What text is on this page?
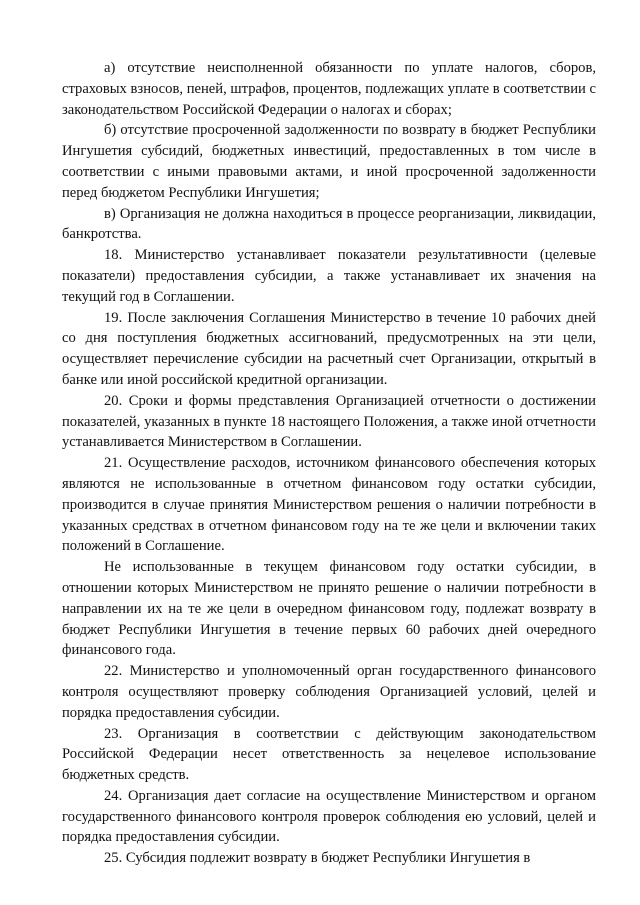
а) отсутствие неисполненной обязанности по уплате налогов, сборов, страховых взносов, пеней, штрафов, процентов, подлежащих уплате в соответствии с законодательством Российской Федерации о налогах и сборах;

б) отсутствие просроченной задолженности по возврату в бюджет Республики Ингушетия субсидий, бюджетных инвестиций, предоставленных в том числе в соответствии с иными правовыми актами, и иной просроченной задолженности перед бюджетом Республики Ингушетия;

в) Организация не должна находиться в процессе реорганизации, ликвидации, банкротства.

18. Министерство устанавливает показатели результативности (целевые показатели) предоставления субсидии, а также устанавливает их значения на текущий год в Соглашении.

19. После заключения Соглашения Министерство в течение 10 рабочих дней со дня поступления бюджетных ассигнований, предусмотренных на эти цели, осуществляет перечисление субсидии на расчетный счет Организации, открытый в банке или иной российской кредитной организации.

20. Сроки и формы представления Организацией отчетности о достижении показателей, указанных в пункте 18 настоящего Положения, а также иной отчетности устанавливается Министерством в Соглашении.

21. Осуществление расходов, источником финансового обеспечения которых являются не использованные в отчетном финансовом году остатки субсидии, производится в случае принятия Министерством решения о наличии потребности в указанных средствах в отчетном финансовом году на те же цели и включении таких положений в Соглашение.

Не использованные в текущем финансовом году остатки субсидии, в отношении которых Министерством не принято решение о наличии потребности в направлении их на те же цели в очередном финансовом году, подлежат возврату в бюджет Республики Ингушетия в течение первых 60 рабочих дней очередного финансового года.

22. Министерство и уполномоченный орган государственного финансового контроля осуществляют проверку соблюдения Организацией условий, целей и порядка предоставления субсидии.

23. Организация в соответствии с действующим законодательством Российской Федерации несет ответственность за нецелевое использование бюджетных средств.

24. Организация дает согласие на осуществление Министерством и органом государственного финансового контроля проверок соблюдения ею условий, целей и порядка предоставления субсидии.

25. Субсидия подлежит возврату в бюджет Республики Ингушетия в
